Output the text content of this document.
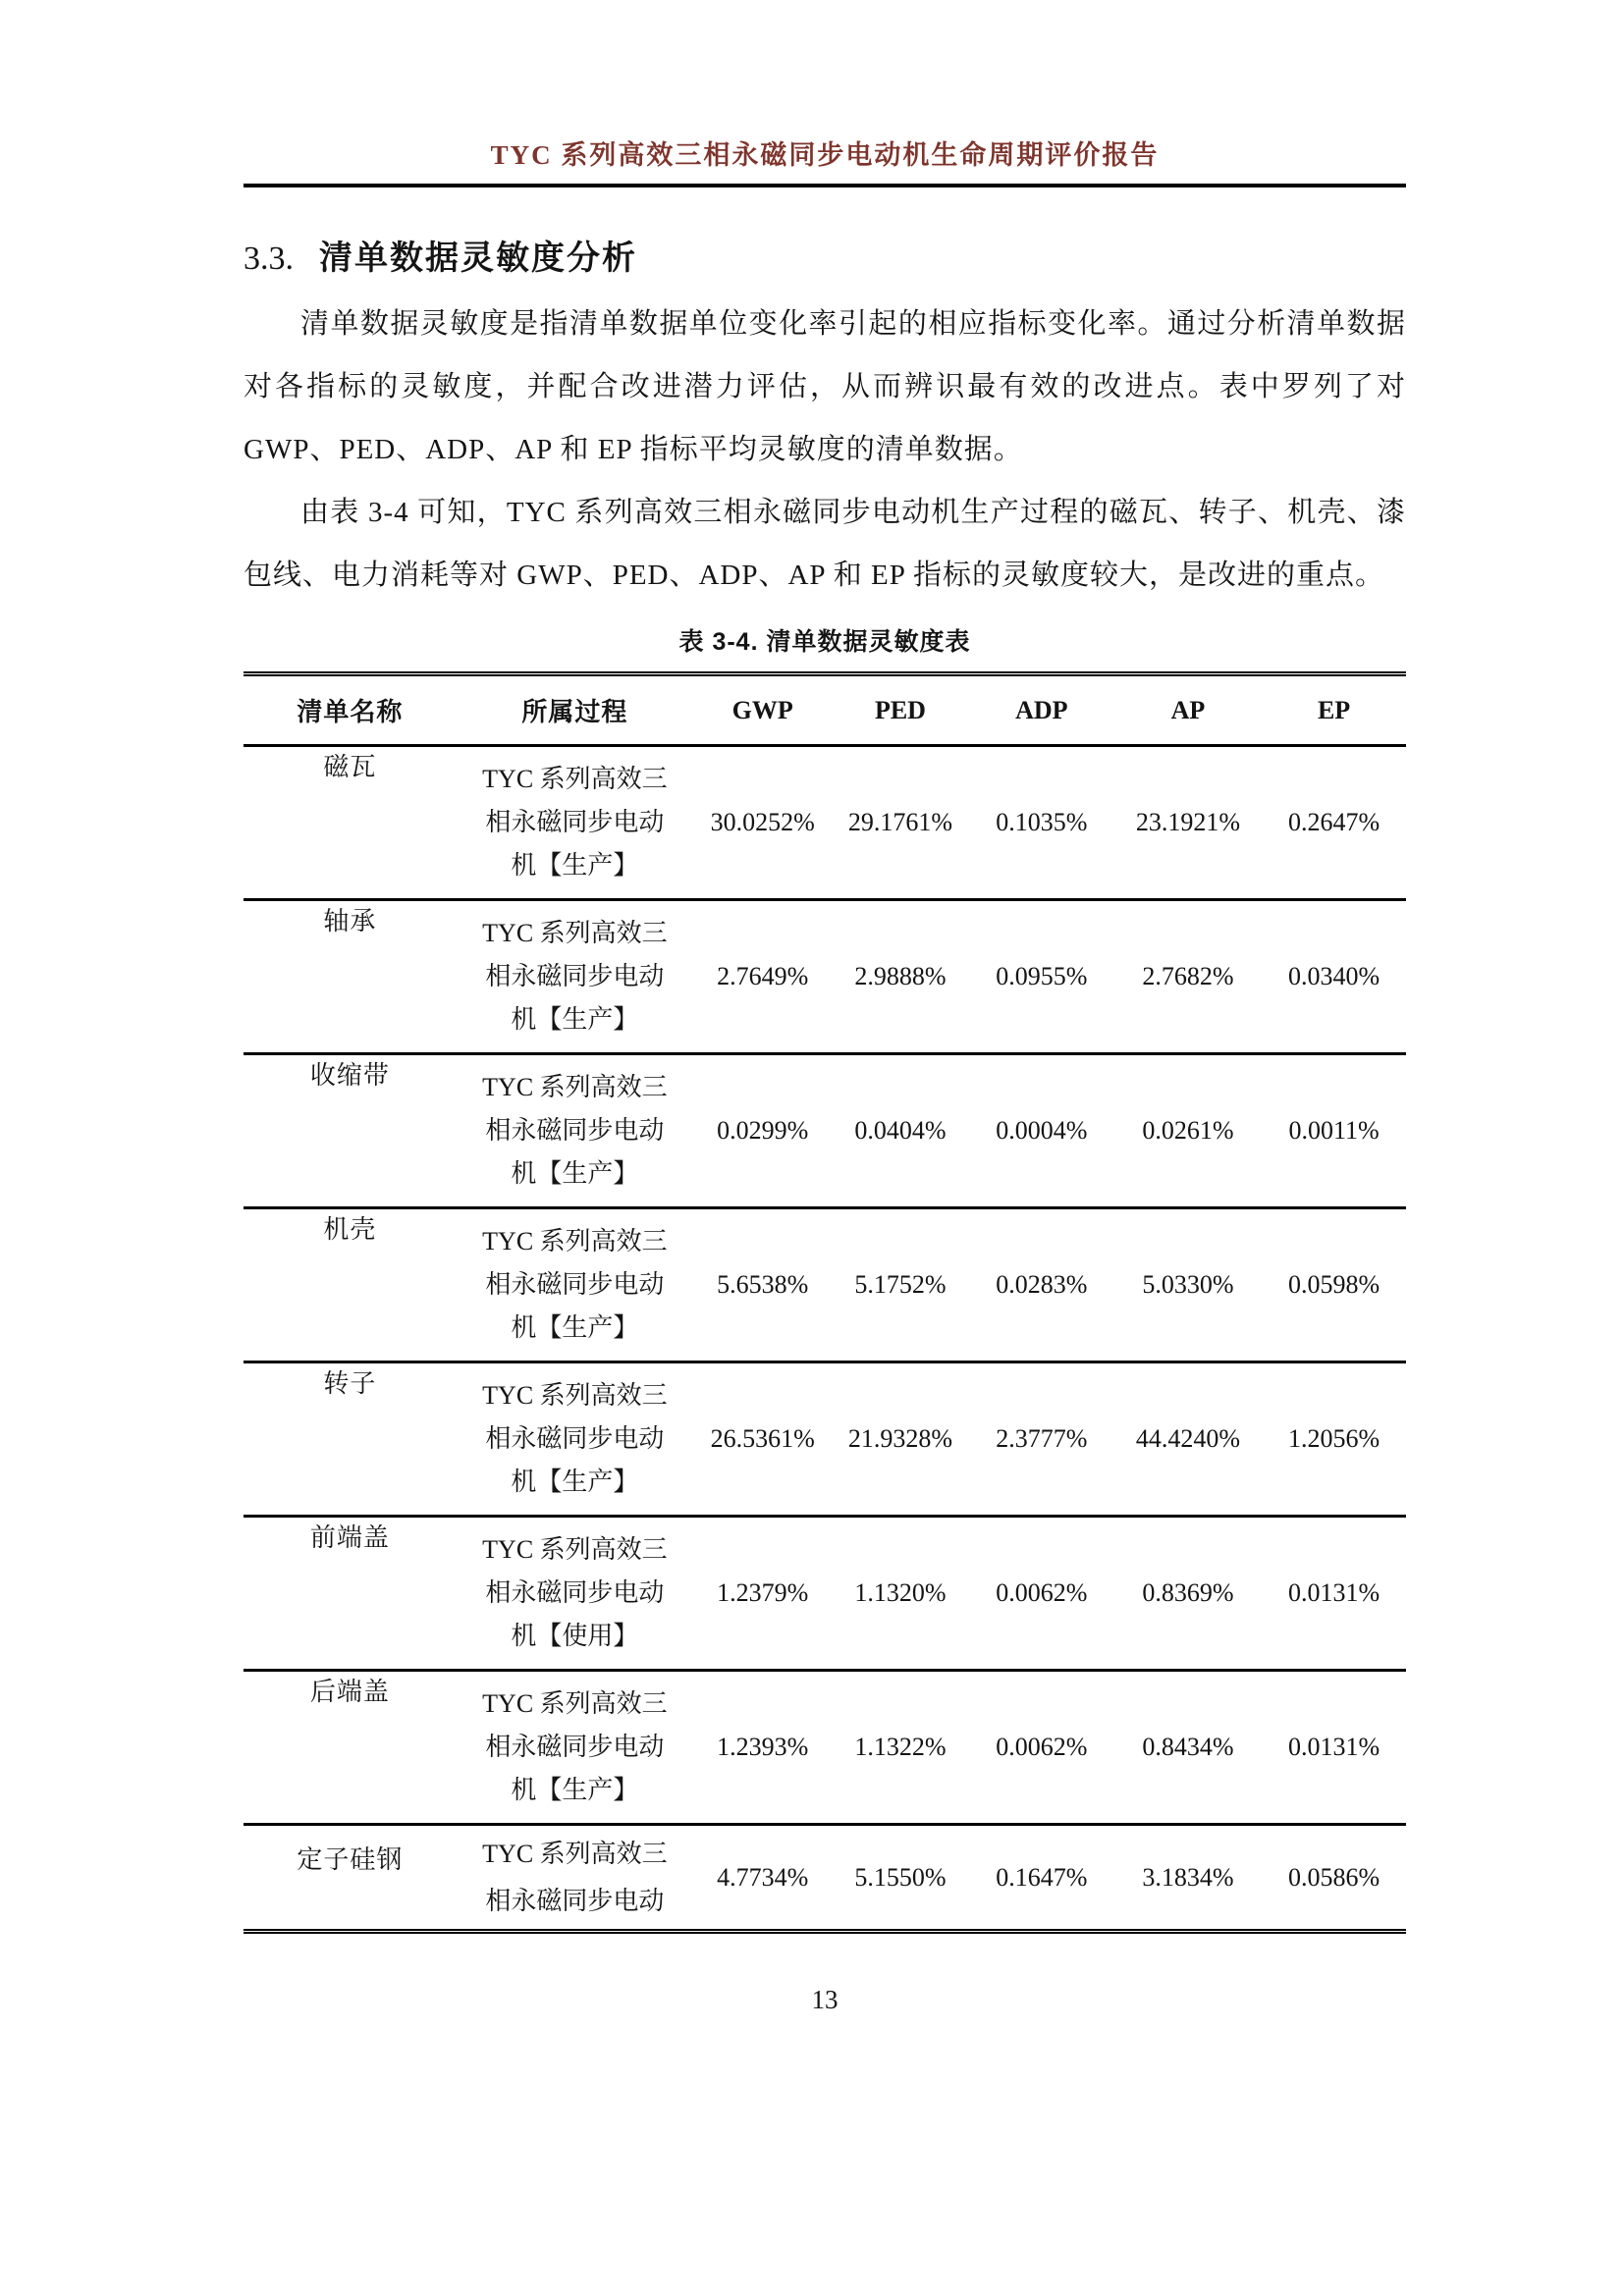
TYC 系列高效三相永磁同步电动机生命周期评价报告
3.3. 清单数据灵敏度分析

清单数据灵敏度是指清单数据单位变化率引起的相应指标变化率。通过分析清单数据对各指标的灵敏度，并配合改进潜力评估，从而辨识最有效的改进点。表中罗列了对 GWP、PED、ADP、AP 和 EP 指标平均灵敏度的清单数据。

由表 3-4 可知，TYC 系列高效三相永磁同步电动机生产过程的磁瓦、转子、机壳、漆包线、电力消耗等对 GWP、PED、ADP、AP 和 EP 指标的灵敏度较大，是改进的重点。

表 3-4. 清单数据灵敏度表
清单名称	所属过程	GWP	PED	ADP	AP	EP
磁瓦	TYC 系列高效三
相永磁同步电动
机【生产】	30.0252%	29.1761%	0.1035%	23.1921%	0.2647%
轴承	TYC 系列高效三
相永磁同步电动
机【生产】	2.7649%	2.9888%	0.0955%	2.7682%	0.0340%
收缩带	TYC 系列高效三
相永磁同步电动
机【生产】	0.0299%	0.0404%	0.0004%	0.0261%	0.0011%
机壳	TYC 系列高效三
相永磁同步电动
机【生产】	5.6538%	5.1752%	0.0283%	5.0330%	0.0598%
转子	TYC 系列高效三
相永磁同步电动
机【生产】	26.5361%	21.9328%	2.3777%	44.4240%	1.2056%
前端盖	TYC 系列高效三
相永磁同步电动
机【使用】	1.2379%	1.1320%	0.0062%	0.8369%	0.0131%
后端盖	TYC 系列高效三
相永磁同步电动
机【生产】	1.2393%	1.1322%	0.0062%	0.8434%	0.0131%
定子硅钢	TYC 系列高效三
相永磁同步电动	4.7734%	5.1550%	0.1647%	3.1834%	0.0586%
13
